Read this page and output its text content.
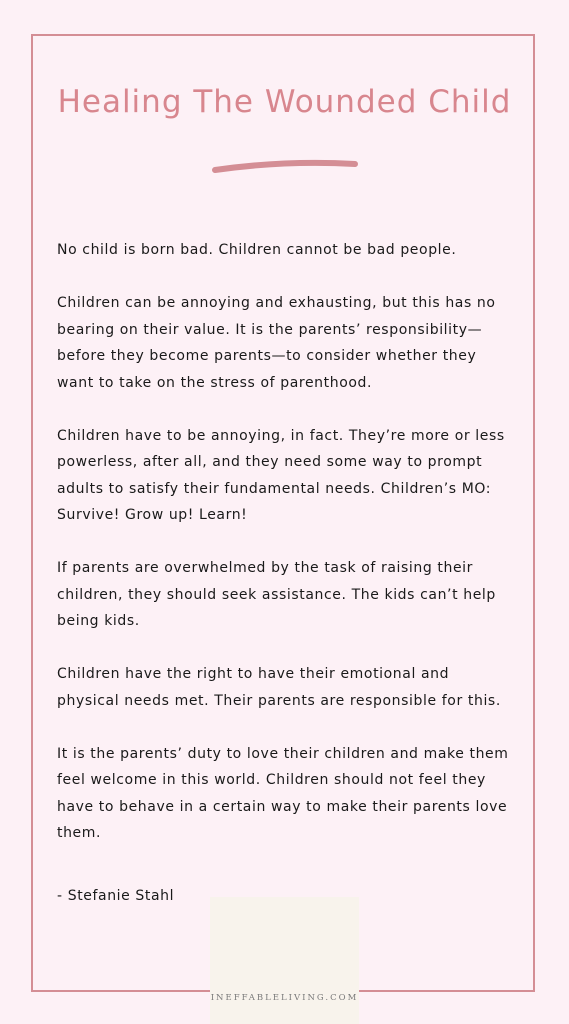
Healing The Wounded Child

No child is born bad. Children cannot be bad people.

Children can be annoying and exhausting, but this has no bearing on their value. It is the parents’ responsibility—before they become parents—to consider whether they want to take on the stress of parenthood.

Children have to be annoying, in fact. They’re more or less powerless, after all, and they need some way to prompt adults to satisfy their fundamental needs. Children’s MO: Survive! Grow up! Learn!

If parents are overwhelmed by the task of raising their children, they should seek assistance. The kids can’t help being kids.

Children have the right to have their emotional and physical needs met. Their parents are responsible for this.

It is the parents’ duty to love their children and make them feel welcome in this world. Children should not feel they have to behave in a certain way to make their parents love them.

- Stefanie Stahl
INEFFABLELIVING.COM
